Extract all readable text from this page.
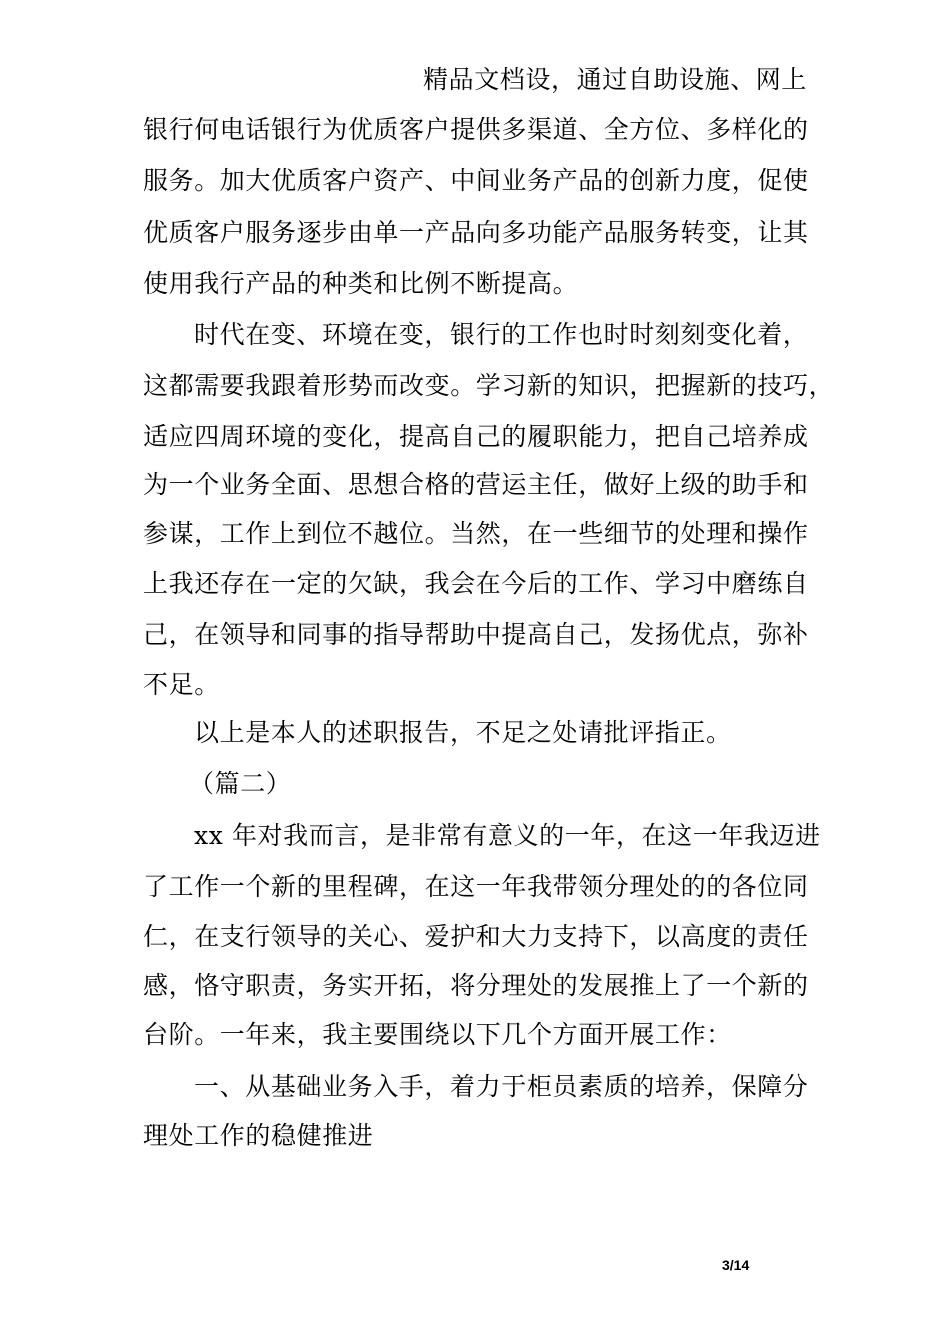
精品文档设，通过自助设施、网上
银行何电话银行为优质客户提供多渠道、全方位、多样化的
服务。加大优质客户资产、中间业务产品的创新力度，促使
优质客户服务逐步由单一产品向多功能产品服务转变，让其
使用我行产品的种类和比例不断提高。
时代在变、环境在变，银行的工作也时时刻刻变化着，
这都需要我跟着形势而改变。学习新的知识，把握新的技巧，
适应四周环境的变化，提高自己的履职能力，把自己培养成
为一个业务全面、思想合格的营运主任，做好上级的助手和
参谋，工作上到位不越位。当然，在一些细节的处理和操作
上我还存在一定的欠缺，我会在今后的工作、学习中磨练自
己，在领导和同事的指导帮助中提高自己，发扬优点，弥补
不足。
以上是本人的述职报告，不足之处请批评指正。
（篇二）
xx 年对我而言，是非常有意义的一年，在这一年我迈进
了工作一个新的里程碑，在这一年我带领分理处的的各位同
仁，在支行领导的关心、爱护和大力支持下，以高度的责任
感，恪守职责，务实开拓，将分理处的发展推上了一个新的
台阶。一年来，我主要围绕以下几个方面开展工作：
一、从基础业务入手，着力于柜员素质的培养，保障分
理处工作的稳健推进
3/14
